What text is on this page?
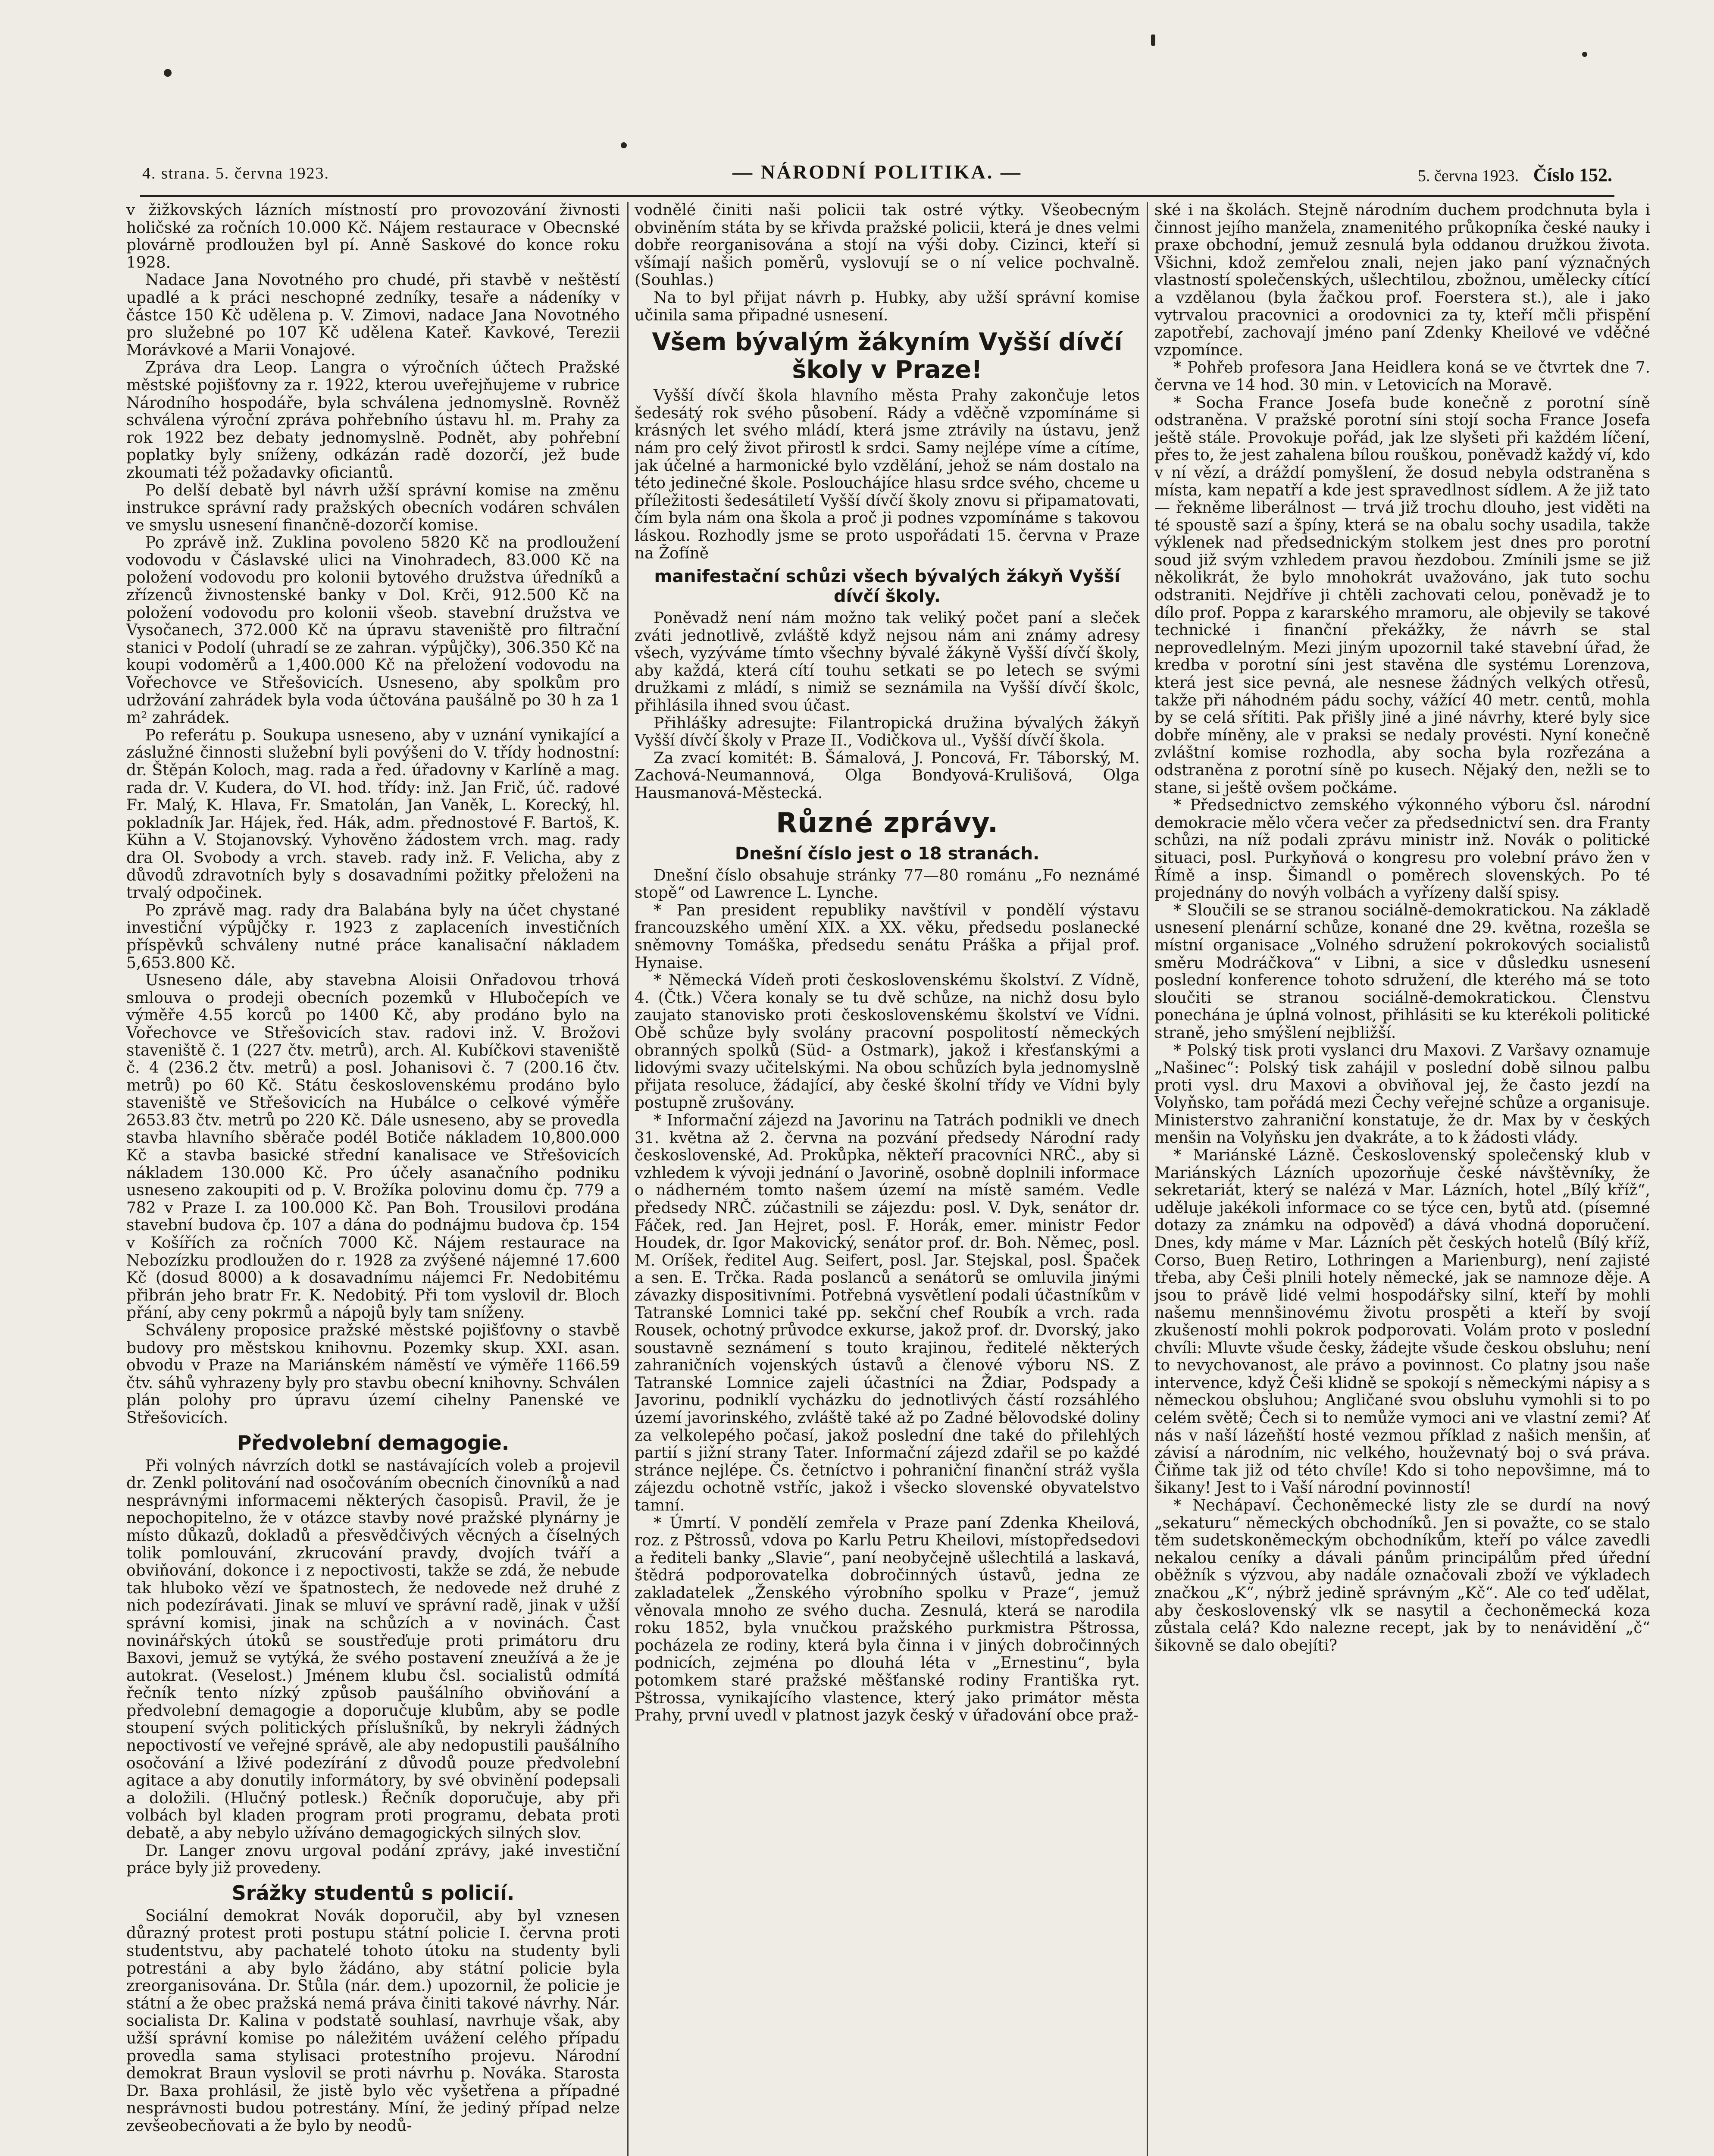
4. strana. 5. června 1923.	— NÁRODNÍ POLITIKA. —	5. června 1923. Číslo 152.

v žižkovských lázních místností pro provozování živnosti holičské za ročních 10.000 Kč. Nájem restaurace v Obecnské plovárně prodloužen byl pí. Anně Saskové do konce roku 1928.

Nadace Jana Novotného pro chudé, při stavbě v neštěstí upadlé a k práci neschopné zedníky, tesaře a nádeníky v částce 150 Kč udělena p. V. Zimovi, nadace Jana Novotného pro služebné po 107 Kč udělena Kateř. Kavkové, Terezii Morávkové a Marii Vonajové.

Zpráva dra Leop. Langra o výročních účtech Pražské městské pojišťovny za r. 1922, kterou uveřejňujeme v rubrice Národního hospodáře, byla schválena jednomyslně. Rovněž schválena výroční zpráva pohřebního ústavu hl. m. Prahy za rok 1922 bez debaty jednomyslně. Podnět, aby pohřební poplatky byly sníženy, odkázán radě dozorčí, jež bude zkoumati též požadavky oficiantů.

Po delší debatě byl návrh užší správní komise na změnu instrukce správní rady pražských obecních vodáren schválen ve smyslu usnesení finančně-dozorčí komise.

Po zprávě inž. Zuklina povoleno 5820 Kč na prodloužení vodovodu v Čáslavské ulici na Vinohradech, 83.000 Kč na položení vodovodu pro kolonii bytového družstva úředníků a zřízenců živnostenské banky v Dol. Krči, 912.500 Kč na položení vodovodu pro kolonii všeob. stavební družstva ve Vysočanech, 372.000 Kč na úpravu staveniště pro filtrační stanici v Podolí (uhradí se ze zahran. výpůjčky), 306.350 Kč na koupi vodoměrů a 1,400.000 Kč na přeložení vodovodu na Vořechovce ve Střešovicích. Usneseno, aby spolkům pro udržování zahrádek byla voda účtována paušálně po 30 h za 1 m² zahrádek.

Po referátu p. Soukupa usneseno, aby v uznání vynikající a záslužné činnosti služební byli povýšeni do V. třídy hodnostní: dr. Štěpán Koloch, mag. rada a řed. úřadovny v Karlíně a mag. rada dr. V. Kudera, do VI. hod. třídy: inž. Jan Frič, úč. radové Fr. Malý, K. Hlava, Fr. Smatolán, Jan Vaněk, L. Korecký, hl. pokladník Jar. Hájek, řed. Hák, adm. přednostové F. Bartoš, K. Kühn a V. Stojanovský. Vyhověno žádostem vrch. mag. rady dra Ol. Svobody a vrch. staveb. rady inž. F. Velicha, aby z důvodů zdravotních byly s dosavadními požitky přeloženi na trvalý odpočinek.

Po zprávě mag. rady dra Balabána byly na účet chystané investiční výpůjčky r. 1923 z zaplaceních investičních příspěvků schváleny nutné práce kanalisační nákladem 5,653.800 Kč.

Usneseno dále, aby stavebna Aloisii Onřadovou trhová smlouva o prodeji obecních pozemků v Hlubočepích ve výměře 4.55 korců po 1400 Kč, aby prodáno bylo na Vořechovce ve Střešovicích stav. radovi inž. V. Brožovi staveniště č. 1 (227 čtv. metrů), arch. Al. Kubíčkovi staveniště č. 4 (236.2 čtv. metrů) a posl. Johanisovi č. 7 (200.16 čtv. metrů) po 60 Kč. Státu československému prodáno bylo staveniště ve Střešovicích na Hubálce o celkové výměře 2653.83 čtv. metrů po 220 Kč. Dále usneseno, aby se provedla stavba hlavního sběrače podél Botiče nákladem 10,800.000 Kč a stavba basické střední kanalisace ve Střešovicích nákladem 130.000 Kč. Pro účely asanačního podniku usneseno zakoupiti od p. V. Brožíka polovinu domu čp. 779 a 782 v Praze I. za 100.000 Kč. Pan Boh. Trousilovi prodána stavební budova čp. 107 a dána do podnájmu budova čp. 154 v Košířích za ročních 7000 Kč. Nájem restaurace na Nebozízku prodloužen do r. 1928 za zvýšené nájemné 17.600 Kč (dosud 8000) a k dosavadnímu nájemci Fr. Nedobitému přibrán jeho bratr Fr. K. Nedobitý. Při tom vyslovil dr. Bloch přání, aby ceny pokrmů a nápojů byly tam sníženy.

Schváleny proposice pražské městské pojišťovny o stavbě budovy pro městskou knihovnu. Pozemky skup. XXI. asan. obvodu v Praze na Mariánském náměstí ve výměře 1166.59 čtv. sáhů vyhrazeny byly pro stavbu obecní knihovny. Schválen plán polohy pro úpravu území cihelny Panenské ve Střešovicích.

Předvolební demagogie.

Při volných návrzích dotkl se nastávajících voleb a projevil dr. Zenkl politování nad osočováním obecních činovníků a nad nesprávnými informacemi některých časopisů. Pravil, že je nepochopitelno, že v otázce stavby nové pražské plynárny je místo důkazů, dokladů a přesvědčivých věcných a číselných tolik pomlouvání, zkrucování pravdy, dvojích tváří a obviňování, dokonce i z nepoctivosti, takže se zdá, že nebude tak hluboko vězí ve špatnostech, že nedovede než druhé z nich podezírávati. Jinak se mluví ve správní radě, jinak v užší správní komisi, jinak na schůzích a v novinách. Čast novinářských útoků se soustřeďuje proti primátoru dru Baxovi, jemuž se vytýká, že svého postavení zneužívá a že je autokrat. (Veselost.) Jménem klubu čsl. socialistů odmítá řečník tento nízký způsob paušálního obviňování a předvolební demagogie a doporučuje klubům, aby se podle stoupení svých politických příslušníků, by nekryli žádných nepoctivostí ve veřejné správě, ale aby nedopustili paušálního osočování a lživé podezírání z důvodů pouze předvolební agitace a aby donutily informátory, by své obvinění podepsali a doložili. (Hlučný potlesk.) Řečník doporučuje, aby při volbách byl kladen program proti programu, debata proti debatě, a aby nebylo užíváno demagogických silných slov.

Dr. Langer znovu urgoval podání zprávy, jaké investiční práce byly již provedeny.

Srážky studentů s policií.

Sociální demokrat Novák doporučil, aby byl vznesen důrazný protest proti postupu státní policie I. června proti studentstvu, aby pachatelé tohoto útoku na studenty byli potrestáni a aby bylo žádáno, aby státní policie byla zreorganisována. Dr. Stůla (nár. dem.) upozornil, že policie je státní a že obec pražská nemá práva činiti takové návrhy. Nár. socialista Dr. Kalina v podstatě souhlasí, navrhuje však, aby užší správní komise po náležitém uvážení celého případu provedla sama stylisaci protestního projevu. Národní demokrat Braun vyslovil se proti návrhu p. Nováka. Starosta Dr. Baxa prohlásil, že jistě bylo věc vyšetřena a případné nesprávnosti budou potrestány. Míní, že jediný případ nelze zevšeobecňovati a že bylo by neodů-

vodnělé činiti naši policii tak ostré výtky. Všeobecným obviněním státa by se křivda pražské policii, která je dnes velmi dobře reorganisována a stojí na výši doby. Cizinci, kteří si všímají našich poměrů, vyslovují se o ní velice pochvalně. (Souhlas.)

Na to byl přijat návrh p. Hubky, aby užší správní komise učinila sama připadné usnesení.

Všem bývalým žákyním Vyšší dívčí školy v Praze!

Vyšší dívčí škola hlavního města Prahy zakončuje letos šedesátý rok svého působení. Rády a vděčně vzpomínáme si krásných let svého mládí, která jsme ztrávily na ústavu, jenž nám pro celý život přirostl k srdci. Samy nejlépe víme a cítíme, jak účelné a harmonické bylo vzdělání, jehož se nám dostalo na této jedinečné škole. Poslouchájíce hlasu srdce svého, chceme u příležitosti šedesátiletí Vyšší dívčí školy znovu si připamatovati, čím byla nám ona škola a proč ji podnes vzpomínáme s takovou láskou. Rozhodly jsme se proto uspořádati 15. června v Praze na Žofíně

manifestační schůzi všech bývalých žákyň Vyšší dívčí školy.

Poněvadž není nám možno tak veliký počet paní a sleček zváti jednotlivě, zvláště když nejsou nám ani známy adresy všech, vyzýváme tímto všechny bývalé žákyně Vyšší dívčí školy, aby každá, která cítí touhu setkati se po letech se svými družkami z mládí, s nimiž se seznámila na Vyšší dívčí školc, přihlásila ihned svou účast.

Přihlášky adresujte: Filantropická družina bývalých žákyň Vyšší dívčí školy v Praze II., Vodičkova ul., Vyšší dívčí škola.

Za zvací komitét: B. Šámalová, J. Poncová, Fr. Táborský, M. Zachová-Neumannová, Olga Bondyová-Krulišová, Olga Hausmanová-Městecká.

Různé zprávy.
Dnešní číslo jest o 18 stranách.

Dnešní číslo obsahuje stránky 77—80 románu „Fo neznámé stopě“ od Lawrence L. Lynche.

* Pan president republiky navštívil v pondělí výstavu francouzského umění XIX. a XX. věku, předsedu poslanecké sněmovny Tomáška, předsedu senátu Práška a přijal prof. Hynaise.

* Německá Vídeň proti československému školství. Z Vídně, 4. (Čtk.) Včera konaly se tu dvě schůze, na nichž dosu bylo zaujato stanovisko proti československému školství ve Vídni. Obě schůze byly svolány pracovní pospolitostí německých obranných spolků (Süd- a Ostmark), jakož i křesťanskými a lidovými svazy učitelskými. Na obou schůzích byla jednomyslně přijata resoluce, žádající, aby české školní třídy ve Vídni byly postupně zrušovány.

* Informační zájezd na Javorinu na Tatrách podnikli ve dnech 31. května až 2. června na pozvání předsedy Národní rady československé, Ad. Prokůpka, někteří pracovníci NRČ., aby si vzhledem k vývoji jednání o Javorině, osobně doplnili informace o nádherném tomto našem území na místě samém. Vedle předsedy NRČ. zúčastnili se zájezdu: posl. V. Dyk, senátor dr. Fáček, red. Jan Hejret, posl. F. Horák, emer. ministr Fedor Houdek, dr. Igor Makovický, senátor prof. dr. Boh. Němec, posl. M. Oríšek, ředitel Aug. Seifert, posl. Jar. Stejskal, posl. Špaček a sen. E. Trčka. Rada poslanců a senátorů se omluvila jinými závazky dispositivními. Potřebná vysvětlení podali účastníkům v Tatranské Lomnici také pp. sekční chef Roubík a vrch. rada Rousek, ochotný průvodce exkurse, jakož prof. dr. Dvorský, jako soustavně seznámení s touto krajinou, ředitelé některých zahraničních vojenských ústavů a členové výboru NS. Z Tatranské Lomnice zajeli účastníci na Ždiar, Podspady a Javorinu, podniklí vycházku do jednotlivých částí rozsáhlého území javorinského, zvláště také až po Zadné bělovodské doliny za velkolepého počasí, jakož poslední dne také do přilehlých partií s jižní strany Tater. Informační zájezd zdařil se po každé stránce nejlépe. Čs. četníctvo i pohraniční finanční stráž vyšla zájezdu ochotně vstříc, jakož i všecko slovenské obyvatelstvo tamní.

* Úmrtí. V pondělí zemřela v Praze paní Zdenka Kheilová, roz. z Pštrossů, vdova po Karlu Petru Kheilovi, místopředsedovi a řediteli banky „Slavie“, paní neobyčejně ušlechtilá a laskavá, štědrá podporovatelka dobročinných ústavů, jedna ze zakladatelek „Ženského výrobního spolku v Praze“, jemuž věnovala mnoho ze svého ducha. Zesnulá, která se narodila roku 1852, byla vnučkou pražského purkmistra Pštrossa, pocházela ze rodiny, která byla činna i v jiných dobročinných podnicích, zejména po dlouhá léta v „Ernestinu“, byla potomkem staré pražské měšťanské rodiny Františka ryt. Pštrossa, vynikajícího vlastence, který jako primátor města Prahy, první uvedl v platnost jazyk český v úřadování obce praž-

ské i na školách. Stejně národním duchem prodchnuta byla i činnost jejího manžela, znamenitého průkopníka české nauky i praxe obchodní, jemuž zesnulá byla oddanou družkou života. Všichni, kdož zemřelou znali, nejen jako paní význačných vlastností společenských, ušlechtilou, zbožnou, umělecky cítící a vzdělanou (byla žačkou prof. Foerstera st.), ale i jako vytrvalou pracovnici a orodovnici za ty, kteří mčli přispění zapotřebí, zachovají jméno paní Zdenky Kheilové ve vděčné vzpomínce.

* Pohřeb profesora Jana Heidlera koná se ve čtvrtek dne 7. června ve 14 hod. 30 min. v Letovicích na Moravě.

* Socha France Josefa bude konečně z porotní síně odstraněna. V pražské porotní síni stojí socha France Josefa ještě stále. Provokuje pořád, jak lze slyšeti při každém líčení, přes to, že jest zahalena bílou rouškou, poněvadž každý ví, kdo v ní vězí, a dráždí pomyšlení, že dosud nebyla odstraněna s místa, kam nepatří a kde jest spravedlnost sídlem. A že již tato — řekněme liberálnost — trvá již trochu dlouho, jest viděti na té spoustě sazí a špíny, která se na obalu sochy usadila, takže výklenek nad předsednickým stolkem jest dnes pro porotní soud již svým vzhledem pravou ňezdobou. Zmínili jsme se již několikrát, že bylo mnohokrát uvažováno, jak tuto sochu odstraniti. Nejdříve ji chtěli zachovati celou, poněvadž je to dílo prof. Poppa z kararského mramoru, ale objevily se takové technické i finanční překážky, že návrh se stal neprovedlelným. Mezi jiným upozornil také stavební úřad, že kredba v porotní síni jest stavěna dle systému Lorenzova, která jest sice pevná, ale nesnese žádných velkých otřesů, takže při náhodném pádu sochy, vážící 40 metr. centů, mohla by se celá sřítiti. Pak přišly jiné a jiné návrhy, které byly sice dobře míněny, ale v praksi se nedaly provésti. Nyní konečně zvláštní komise rozhodla, aby socha byla rozřezána a odstraněna z porotní síně po kusech. Nějaký den, nežli se to stane, si ještě ovšem počkáme.

* Předsednictvo zemského výkonného výboru čsl. národní demokracie mělo včera večer za předsednictví sen. dra Franty schůzi, na níž podali zprávu ministr inž. Novák o politické situaci, posl. Purkyňová o kongresu pro volební právo žen v Římě a insp. Šimandl o poměrech slovenských. Po té projednány do novýh volbách a vyřízeny další spisy.

* Sloučili se se stranou sociálně-demokratickou. Na základě usnesení plenární schůze, konané dne 29. května, rozešla se místní organisace „Volného sdružení pokrokových socialistů směru Modráčkova“ v Libni, a sice v důsledku usnesení poslední konference tohoto sdružení, dle kterého má se toto sloučiti se stranou sociálně-demokratickou. Členstvu ponechána je úplná volnost, přihlásiti se ku kterékoli politické straně, jeho smýšlení nejbližší.

* Polský tisk proti vyslanci dru Maxovi. Z Varšavy oznamuje „Našinec“: Polský tisk zahájil v poslední době silnou palbu proti vysl. dru Maxovi a obviňoval jej, že často jezdí na Volyňsko, tam pořádá mezi Čechy veřejné schůze a organisuje. Ministerstvo zahraniční konstatuje, že dr. Max by v českých menšin na Volyňsku jen dvakráte, a to k žádosti vlády.

* Mariánské Lázně. Československý společenský klub v Mariánských Lázních upozorňuje české návštěvníky, že sekretariát, který se nalézá v Mar. Lázních, hotel „Bílý kříž“, uděluje jakékoli informace co se týce cen, bytů atd. (písemné dotazy za známku na odpověď) a dává vhodná doporučení. Dnes, kdy máme v Mar. Lázních pět českých hotelů (Bílý kříž, Corso, Buen Retiro, Lothringen a Marienburg), není zajisté třeba, aby Češi plnili hotely německé, jak se namnoze děje. A jsou to právě lidé velmi hospodářsky silní, kteří by mohli našemu mennšinovému životu prospěti a kteří by svojí zkušeností mohli pokrok podporovati. Volám proto v poslední chvíli: Mluvte všude česky, žádejte všude českou obsluhu; není to nevychovanost, ale právo a povinnost. Co platny jsou naše intervence, když Češi klidně se spokojí s německými nápisy a s německou obsluhou; Angličané svou obsluhu vymohli si to po celém světě; Čech si to nemůže vymoci ani ve vlastní zemi? Ať nás v naší lázeňští hosté vezmou příklad z našich menšin, ať závisí a národním, nic velkého, houževnatý boj o svá práva. Čiňme tak již od této chvíle! Kdo si toho nepovšimne, má to šikany! Jest to i Vaší národní povinností!

* Nechápaví. Čechoněmecké listy zle se durdí na nový „sekaturu“ německých obchodníků. Jen si považte, co se stalo těm sudetskoněmeckým obchodníkům, kteří po válce zavedli nekalou ceníky a dávali pánům principálům před úřední oběžník s výzvou, aby nadále označovali zboží ve výkladech značkou „K“, nýbrž jedině správným „Kč“. Ale co teď udělat, aby československý vlk se nasytil a čechoněmecká koza zůstala celá? Kdo nalezne recept, jak by to nenávidění „č“ šikovně se dalo obejíti?
